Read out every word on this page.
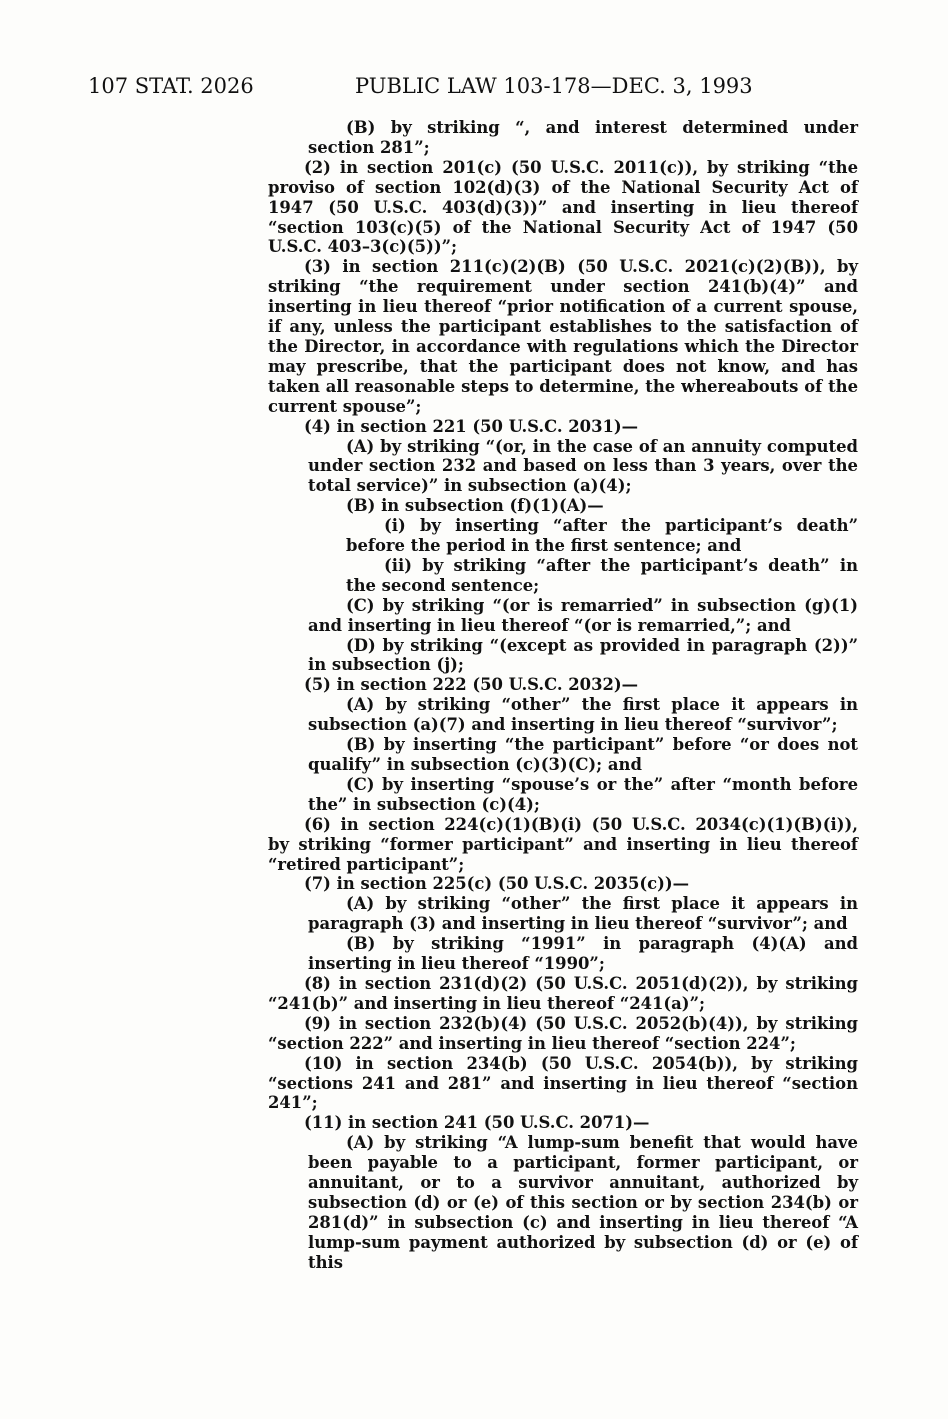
107 STAT. 2026	PUBLIC LAW 103-178—DEC. 3, 1993

(B) by striking “, and interest determined under section 281”;

(2) in section 201(c) (50 U.S.C. 2011(c)), by striking “the proviso of section 102(d)(3) of the National Security Act of 1947 (50 U.S.C. 403(d)(3))” and inserting in lieu thereof “section 103(c)(5) of the National Security Act of 1947 (50 U.S.C. 403–3(c)(5))”;

(3) in section 211(c)(2)(B) (50 U.S.C. 2021(c)(2)(B)), by striking “the requirement under section 241(b)(4)” and inserting in lieu thereof “prior notification of a current spouse, if any, unless the participant establishes to the satisfaction of the Director, in accordance with regulations which the Director may prescribe, that the participant does not know, and has taken all reasonable steps to determine, the whereabouts of the current spouse”;

(4) in section 221 (50 U.S.C. 2031)—

(A) by striking “(or, in the case of an annuity computed under section 232 and based on less than 3 years, over the total service)” in subsection (a)(4);

(B) in subsection (f)(1)(A)—

(i) by inserting “after the participant’s death” before the period in the first sentence; and

(ii) by striking “after the participant’s death” in the second sentence;

(C) by striking “(or is remarried” in subsection (g)(1) and inserting in lieu thereof “(or is remarried,”; and

(D) by striking “(except as provided in paragraph (2))” in subsection (j);

(5) in section 222 (50 U.S.C. 2032)—

(A) by striking “other” the first place it appears in subsection (a)(7) and inserting in lieu thereof “survivor”;

(B) by inserting “the participant” before “or does not qualify” in subsection (c)(3)(C); and

(C) by inserting “spouse’s or the” after “month before the” in subsection (c)(4);

(6) in section 224(c)(1)(B)(i) (50 U.S.C. 2034(c)(1)(B)(i)), by striking “former participant” and inserting in lieu thereof “retired participant”;

(7) in section 225(c) (50 U.S.C. 2035(c))—

(A) by striking “other” the first place it appears in paragraph (3) and inserting in lieu thereof “survivor”; and

(B) by striking “1991” in paragraph (4)(A) and inserting in lieu thereof “1990”;

(8) in section 231(d)(2) (50 U.S.C. 2051(d)(2)), by striking “241(b)” and inserting in lieu thereof “241(a)”;

(9) in section 232(b)(4) (50 U.S.C. 2052(b)(4)), by striking “section 222” and inserting in lieu thereof “section 224”;

(10) in section 234(b) (50 U.S.C. 2054(b)), by striking “sections 241 and 281” and inserting in lieu thereof “section 241”;

(11) in section 241 (50 U.S.C. 2071)—

(A) by striking “A lump-sum benefit that would have been payable to a participant, former participant, or annuitant, or to a survivor annuitant, authorized by subsection (d) or (e) of this section or by section 234(b) or 281(d)” in subsection (c) and inserting in lieu thereof “A lump-sum payment authorized by subsection (d) or (e) of this
